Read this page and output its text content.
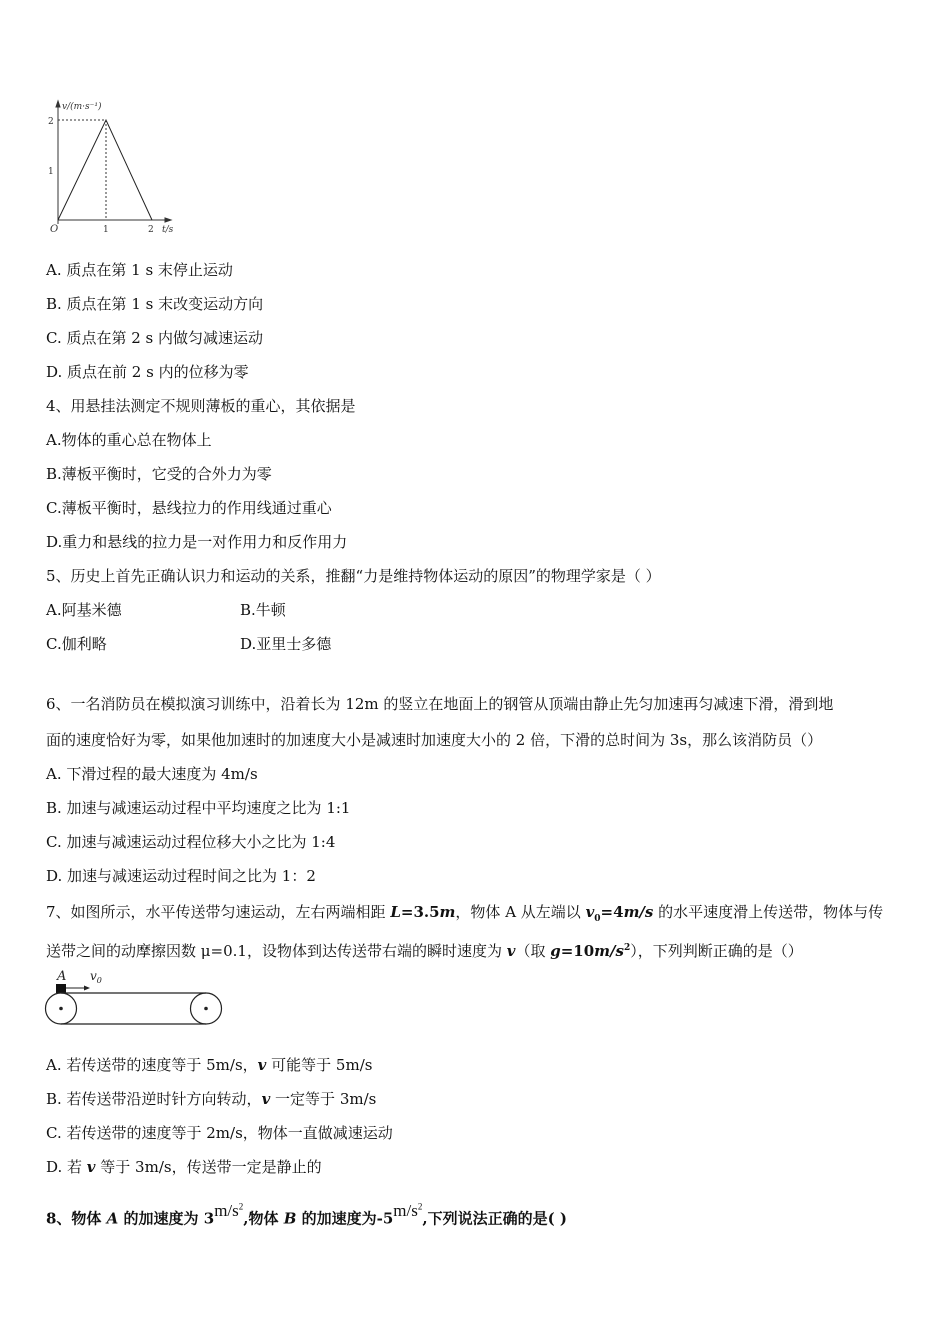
v/(m·s⁻¹)
2
1
O	1	2 t/s
A. 质点在第 1 s 末停止运动
B. 质点在第 1 s 末改变运动方向
C. 质点在第 2 s 内做匀减速运动
D. 质点在前 2 s 内的位移为零
4、用悬挂法测定不规则薄板的重心，其依据是
A.物体的重心总在物体上
B.薄板平衡时，它受的合外力为零
C.薄板平衡时，悬线拉力的作用线通过重心
D.重力和悬线的拉力是一对作用力和反作用力
5、历史上首先正确认识力和运动的关系，推翻“力是维持物体运动的原因”的物理学家是（ ）
A.阿基米德	B.牛顿
C.伽利略	D.亚里士多德
6、一名消防员在模拟演习训练中，沿着长为 12m 的竖立在地面上的钢管从顶端由静止先匀加速再匀减速下滑，滑到地
面的速度恰好为零，如果他加速时的加速度大小是减速时加速度大小的 2 倍，下滑的总时间为 3s，那么该消防员（）
A. 下滑过程的最大速度为 4m/s
B. 加速与减速运动过程中平均速度之比为 1:1
C. 加速与减速运动过程位移大小之比为 1:4
D. 加速与减速运动过程时间之比为 1：2
7、如图所示，水平传送带匀速运动，左右两端相距 L=3.5m，物体 A 从左端以 $v_0=4m/s$ 的水平速度滑上传送带，物体与传
送带之间的动摩擦因数 μ=0.1，设物体到达传送带右端的瞬时速度为 v（取 $g=10m/s^2$），下列判断正确的是（）
A $v_0$
A. 若传送带的速度等于 5m/s，v 可能等于 5m/s
B. 若传送带沿逆时针方向转动，v 一定等于 3m/s
C. 若传送带的速度等于 2m/s，物体一直做减速运动
D. 若 v 等于 3m/s，传送带一定是静止的
8、物体 A 的加速度为 $3m/s^2$,物体 B 的加速度为$-5m/s^2$,下列说法正确的是( )
